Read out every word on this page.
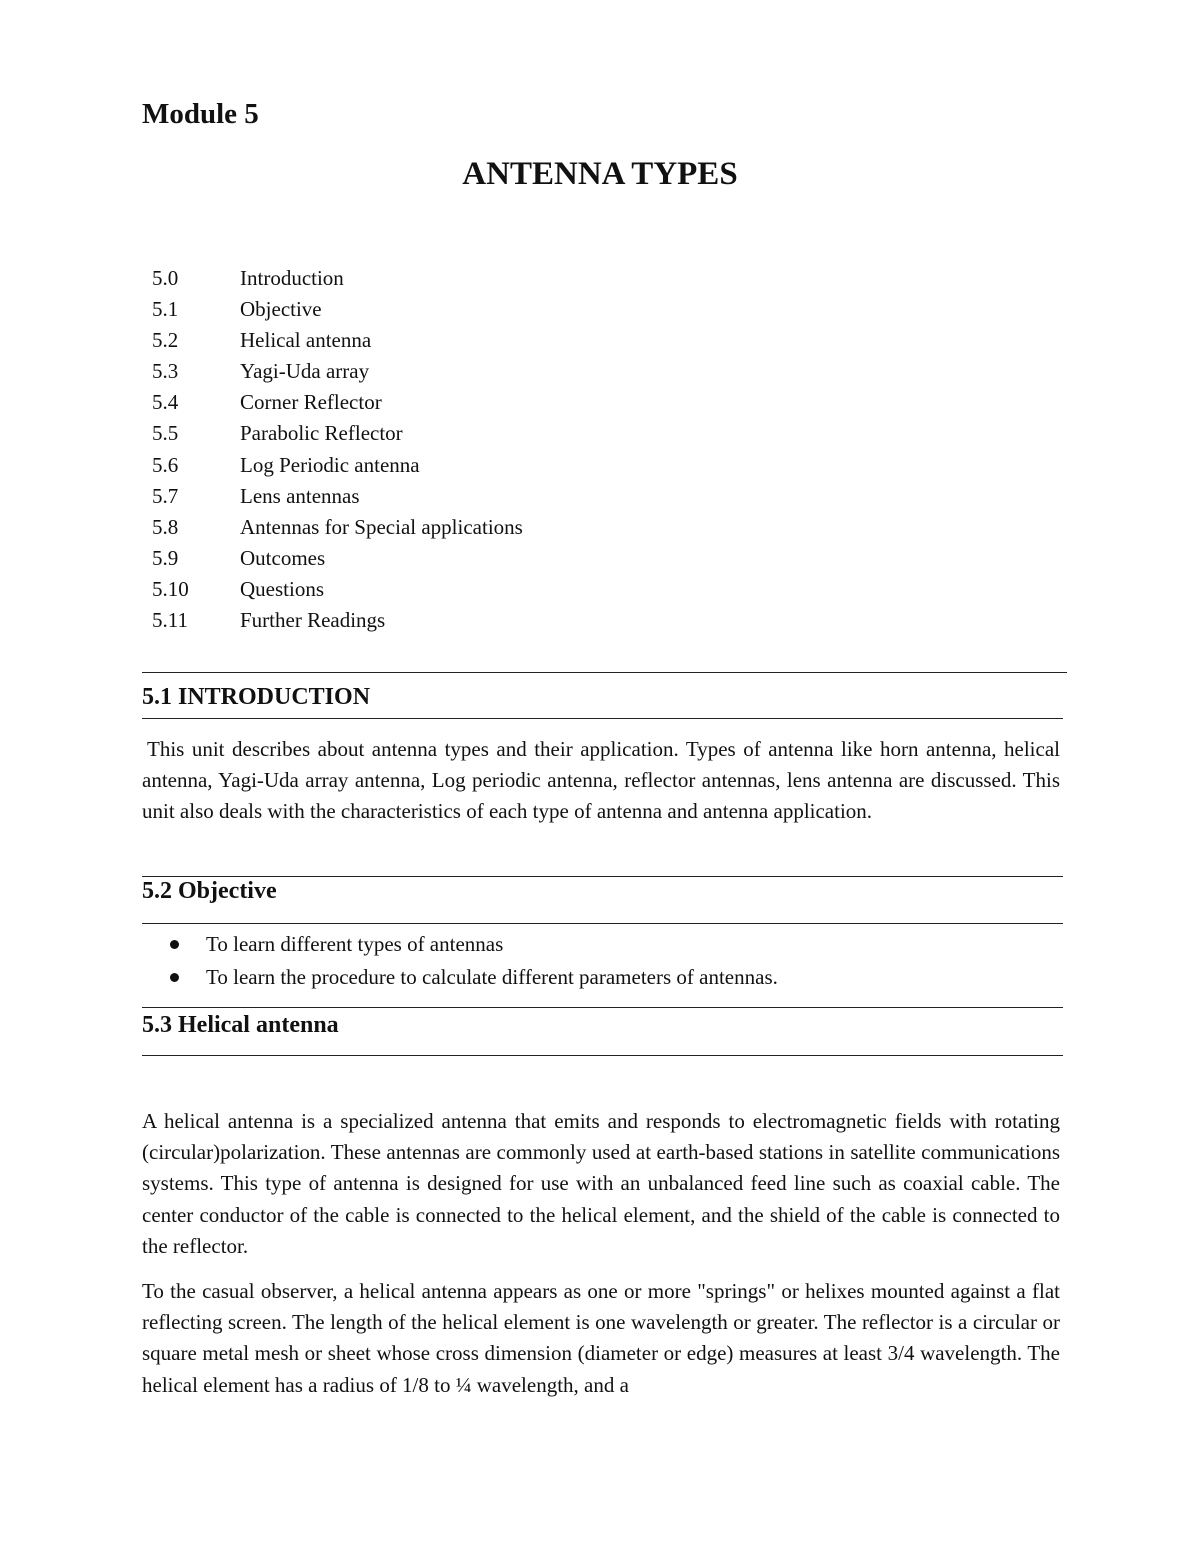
Module 5
ANTENNA TYPES
5.0	Introduction
5.1	Objective
5.2	Helical antenna
5.3	Yagi-Uda array
5.4	Corner Reflector
5.5	Parabolic Reflector
5.6	Log Periodic antenna
5.7	Lens antennas
5.8	Antennas for Special applications
5.9	Outcomes
5.10 Questions
5.11 Further Readings
5.1 INTRODUCTION

This unit describes about antenna types and their application. Types of antenna like horn antenna, helical antenna, Yagi-Uda array antenna, Log periodic antenna, reflector antennas, lens antenna are discussed. This unit also deals with the characteristics of each type of antenna and antenna application.

5.2 Objective
To learn different types of antennas
To learn the procedure to calculate different parameters of antennas.
5.3 Helical antenna

A helical antenna is a specialized antenna that emits and responds to electromagnetic fields with rotating (circular)polarization. These antennas are commonly used at earth-based stations in satellite communications systems. This type of antenna is designed for use with an unbalanced feed line such as coaxial cable. The center conductor of the cable is connected to the helical element, and the shield of the cable is connected to the reflector.

To the casual observer, a helical antenna appears as one or more "springs" or helixes mounted against a flat reflecting screen. The length of the helical element is one wavelength or greater. The reflector is a circular or square metal mesh or sheet whose cross dimension (diameter or edge) measures at least 3/4 wavelength. The helical element has a radius of 1/8 to ¼ wavelength, and a
